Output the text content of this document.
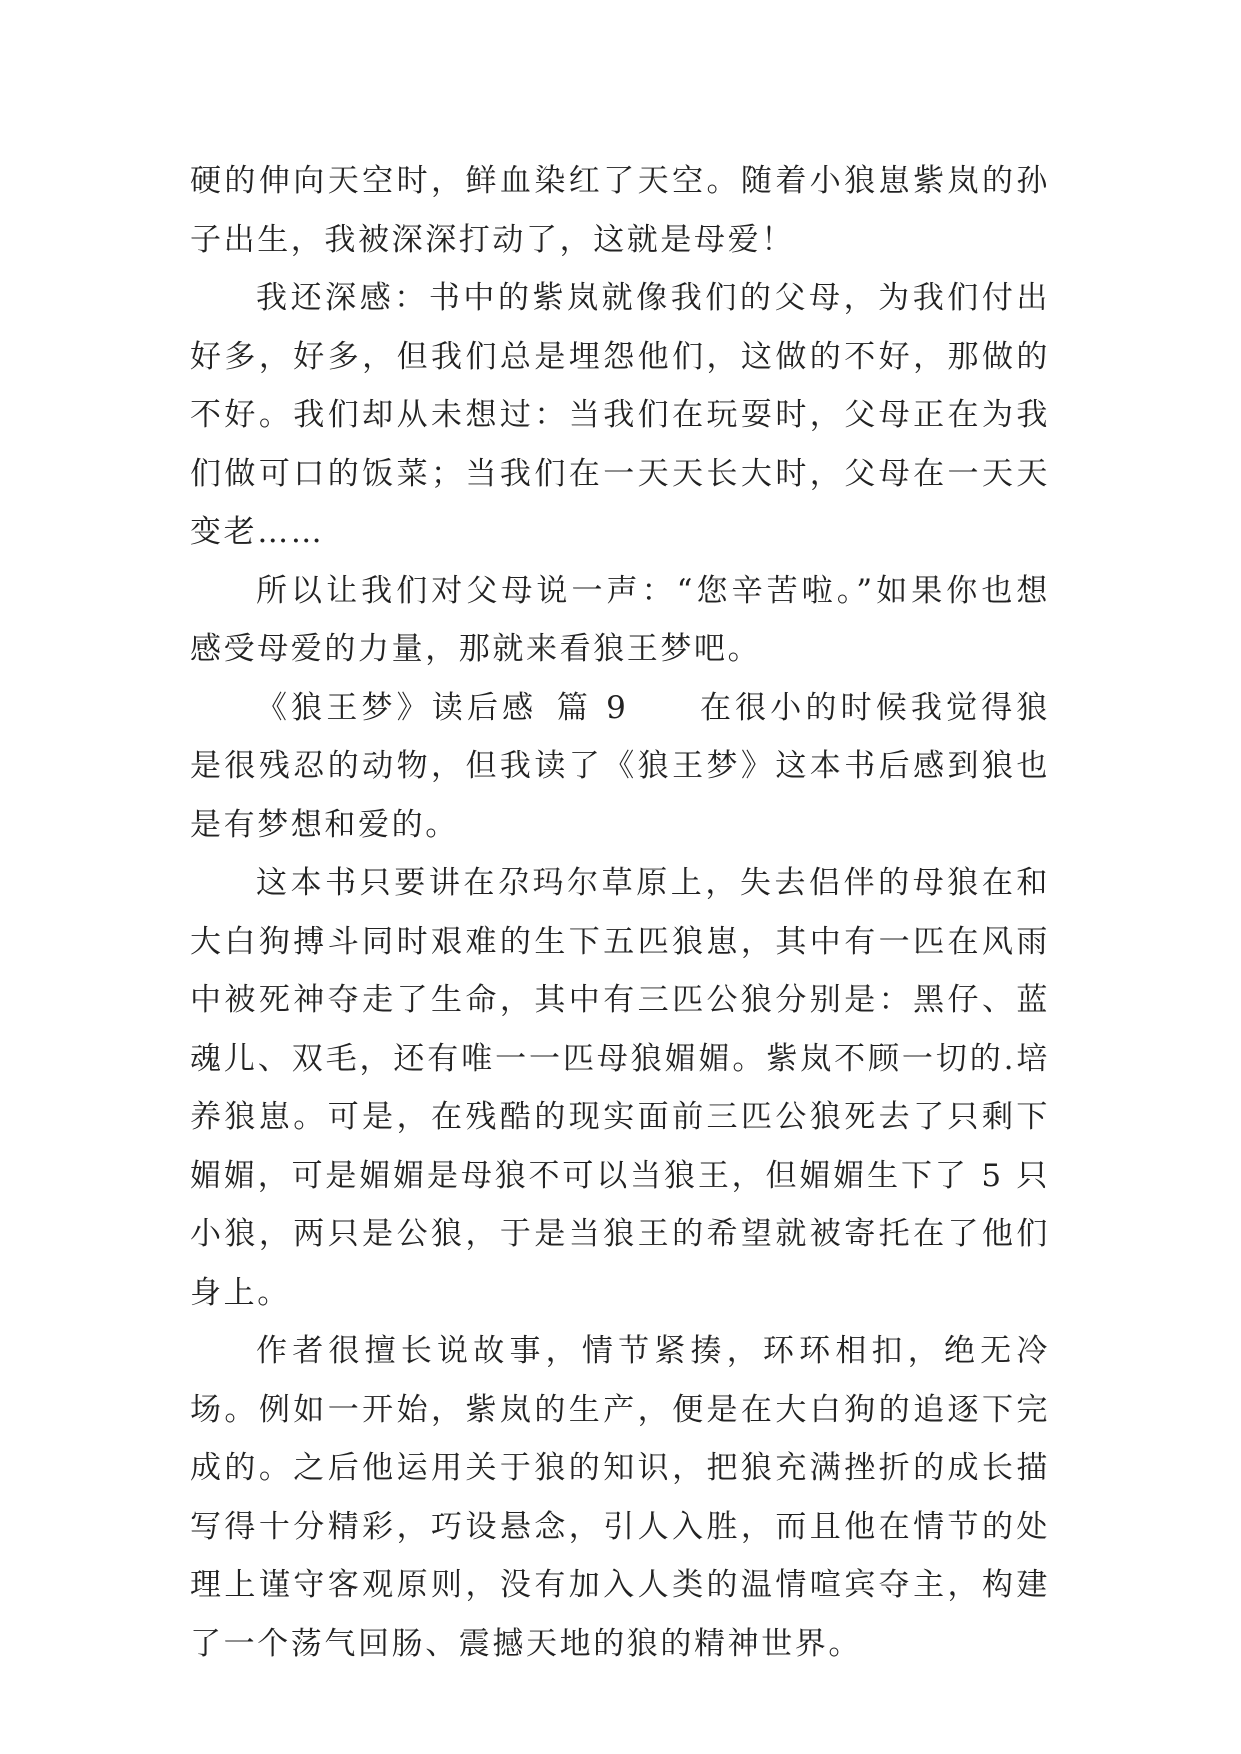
硬的伸向天空时，鲜血染红了天空。随着小狼崽紫岚的孙子出生，我被深深打动了，这就是母爱！

我还深感：书中的紫岚就像我们的父母，为我们付出好多，好多，但我们总是埋怨他们，这做的不好，那做的不好。我们却从未想过：当我们在玩耍时，父母正在为我们做可口的饭菜；当我们在一天天长大时，父母在一天天变老……

所以让我们对父母说一声：“您辛苦啦。”如果你也想感受母爱的力量，那就来看狼王梦吧。

《狼王梦》读后感  篇 9 在很小的时候我觉得狼是很残忍的动物，但我读了《狼王梦》这本书后感到狼也是有梦想和爱的。

这本书只要讲在尕玛尔草原上，失去侣伴的母狼在和大白狗搏斗同时艰难的生下五匹狼崽，其中有一匹在风雨中被死神夺走了生命，其中有三匹公狼分别是：黑仔、蓝魂儿、双毛，还有唯一一匹母狼媚媚。紫岚不顾一切的.培养狼崽。可是，在残酷的现实面前三匹公狼死去了只剩下媚媚，可是媚媚是母狼不可以当狼王，但媚媚生下了 5 只小狼，两只是公狼，于是当狼王的希望就被寄托在了他们身上。

作者很擅长说故事，情节紧揍，环环相扣，绝无冷场。例如一开始，紫岚的生产，便是在大白狗的追逐下完成的。之后他运用关于狼的知识，把狼充满挫折的成长描写得十分精彩，巧设悬念，引人入胜，而且他在情节的处理上谨守客观原则，没有加入人类的温情喧宾夺主，构建了一个荡气回肠、震撼天地的狼的精神世界。
